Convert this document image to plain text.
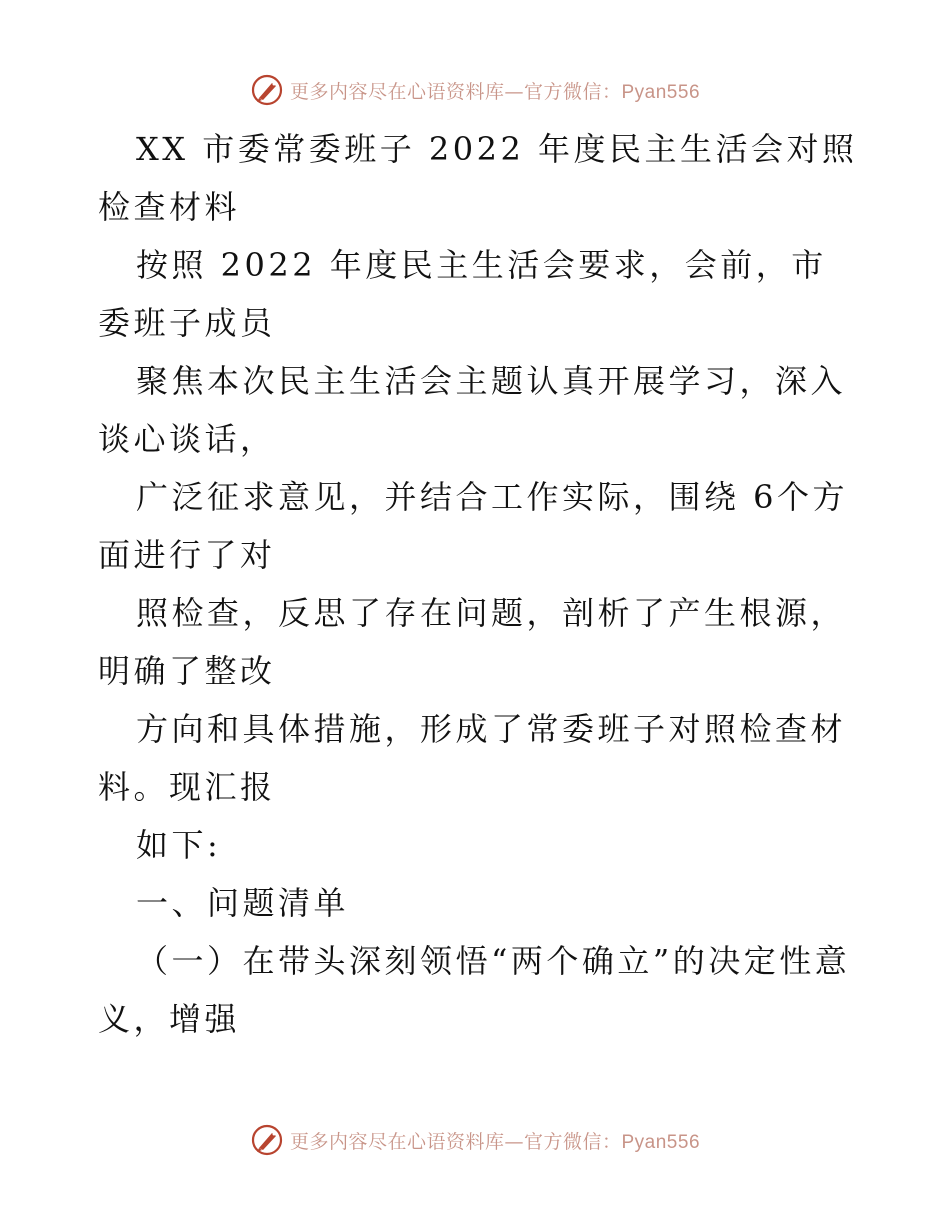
更多内容尽在心语资料库—官方微信：Pyan556

XX 市委常委班子 2022 年度民主生活会对照检查材料

按照 2022 年度民主生活会要求，会前，市委班子成员

聚焦本次民主生活会主题认真开展学习，深入谈心谈话，

广泛征求意见，并结合工作实际，围绕 6个方面进行了对

照检查，反思了存在问题，剖析了产生根源，明确了整改

方向和具体措施，形成了常委班子对照检查材料。现汇报

如下:

一、问题清单

（一）在带头深刻领悟“两个确立”的决定性意义，增强

更多内容尽在心语资料库—官方微信：Pyan556
